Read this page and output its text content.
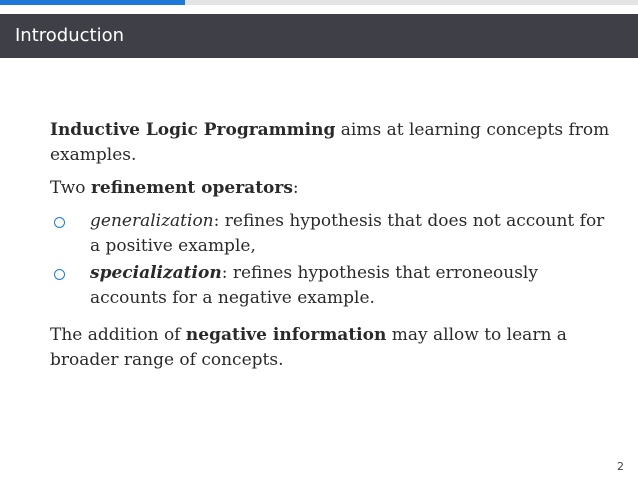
Introduction

Inductive Logic Programming aims at learning concepts from examples.

Two refinement operators:

generalization: refines hypothesis that does not account for a positive example,
specialization: refines hypothesis that erroneously accounts for a negative example.

The addition of negative information may allow to learn a broader range of concepts.

2
